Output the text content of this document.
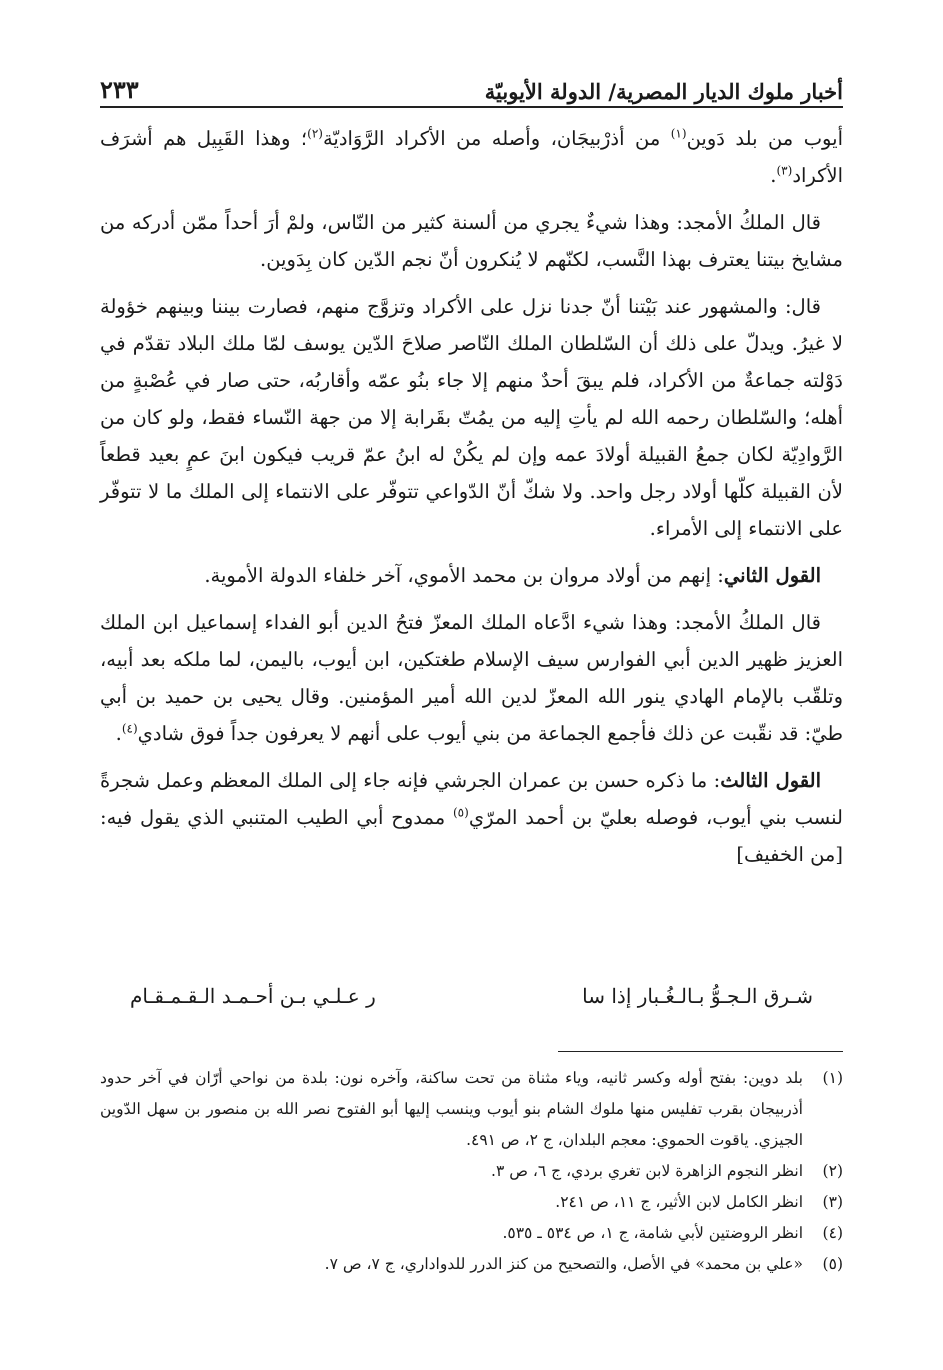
أخبار ملوك الديار المصرية/ الدولة الأيوبيّة
٢٣٣

أيوب من بلد دَوين$^{(١)}$ من أذرْبيجَان، وأصله من الأكراد الرَّوَاديّة$^{(٢)}$؛ وهذا القَبِيل هم أشرَف الأكراد$^{(٣)}$.

قال الملكُ الأمجد: وهذا شيءٌ يجري من ألسنة كثير من النّاس، ولمْ أرَ أحداً ممّن أدركه من مشايخ بيتنا يعترف بهذا النَّسب، لكنّهم لا يُنكرون أنّ نجم الدّين كان بِدَوين.

قال: والمشهور عند بَيْتنا أنّ جدنا نزل على الأكراد وتزوَّج منهم، فصارت بيننا وبينهم خؤولة لا غيرُ. ويدلّ على ذلك أن السّلطان الملك النّاصر صلاحَ الدّين يوسف لمّا ملك البلاد تقدّم في دَوْلته جماعةٌ من الأكراد، فلم يبقَ أحدٌ منهم إلا جاء بنُو عمّه وأقاربُه، حتى صار في عُصْبةٍ من أهله؛ والسّلطان رحمه الله لم يأتِ إليه من يمُتّ بقَرابة إلا من جهة النّساء فقط، ولو كان من الرَّوادِيّة لكان جمعُ القبيلة أولادَ عمه وإن لم يكُنْ له ابنُ عمّ قريب فيكون ابنَ عمٍ بعيد قطعاً لأن القبيلة كلّها أولاد رجل واحد. ولا شكّ أنّ الدّواعي تتوفّر على الانتماء إلى الملك ما لا تتوفّر على الانتماء إلى الأمراء.

القول الثاني: إنهم من أولاد مروان بن محمد الأموي، آخر خلفاء الدولة الأموية.

قال الملكُ الأمجد: وهذا شيء ادَّعاه الملك المعزّ فتحُ الدين أبو الفداء إسماعيل ابن الملك العزيز ظهير الدين أبي الفوارس سيف الإسلام طغتكين، ابن أيوب، باليمن، لما ملكه بعد أبيه، وتلقّب بالإمام الهادي ينور الله المعزّ لدين الله أمير المؤمنين. وقال يحيى بن حميد بن أبي طيّ: قد نقّبت عن ذلك فأجمع الجماعة من بني أيوب على أنهم لا يعرفون جداً فوق شادي$^{(٤)}$.

القول الثالث: ما ذكره حسن بن عمران الجرشي فإنه جاء إلى الملك المعظم وعمل شجرةً لنسب بني أيوب، فوصله بعليّ بن أحمد المرّي$^{(٥)}$ ممدوح أبي الطيب المتنبي الذي يقول فيه: [من الخفيف]

شـرق الـجـوُّ بـالـغُـبار إذا سا
ر عـلـي بـن أحـمـد الـقـمـقـام
(١)
بلد دوين: بفتح أوله وكسر ثانيه، وياء مثناة من تحت ساكنة، وآخره نون: بلدة من نواحي أرّان في آخر حدود أذربيجان بقرب تفليس منها ملوك الشام بنو أيوب وينسب إليها أبو الفتوح نصر الله بن منصور بن سهل الدّوين الجيزي. ياقوت الحموي: معجم البلدان، ج ٢، ص ٤٩١.
(٢)
انظر النجوم الزاهرة لابن تغري بردي، ج ٦، ص ٣.
(٣)
انظر الكامل لابن الأثير، ج ١١، ص ٢٤١.
(٤)
انظر الروضتين لأبي شامة، ج ١، ص ٥٣٤ ـ ٥٣٥.
(٥)
«علي بن محمد» في الأصل، والتصحيح من كنز الدرر للدواداري، ج ٧، ص ٧.
